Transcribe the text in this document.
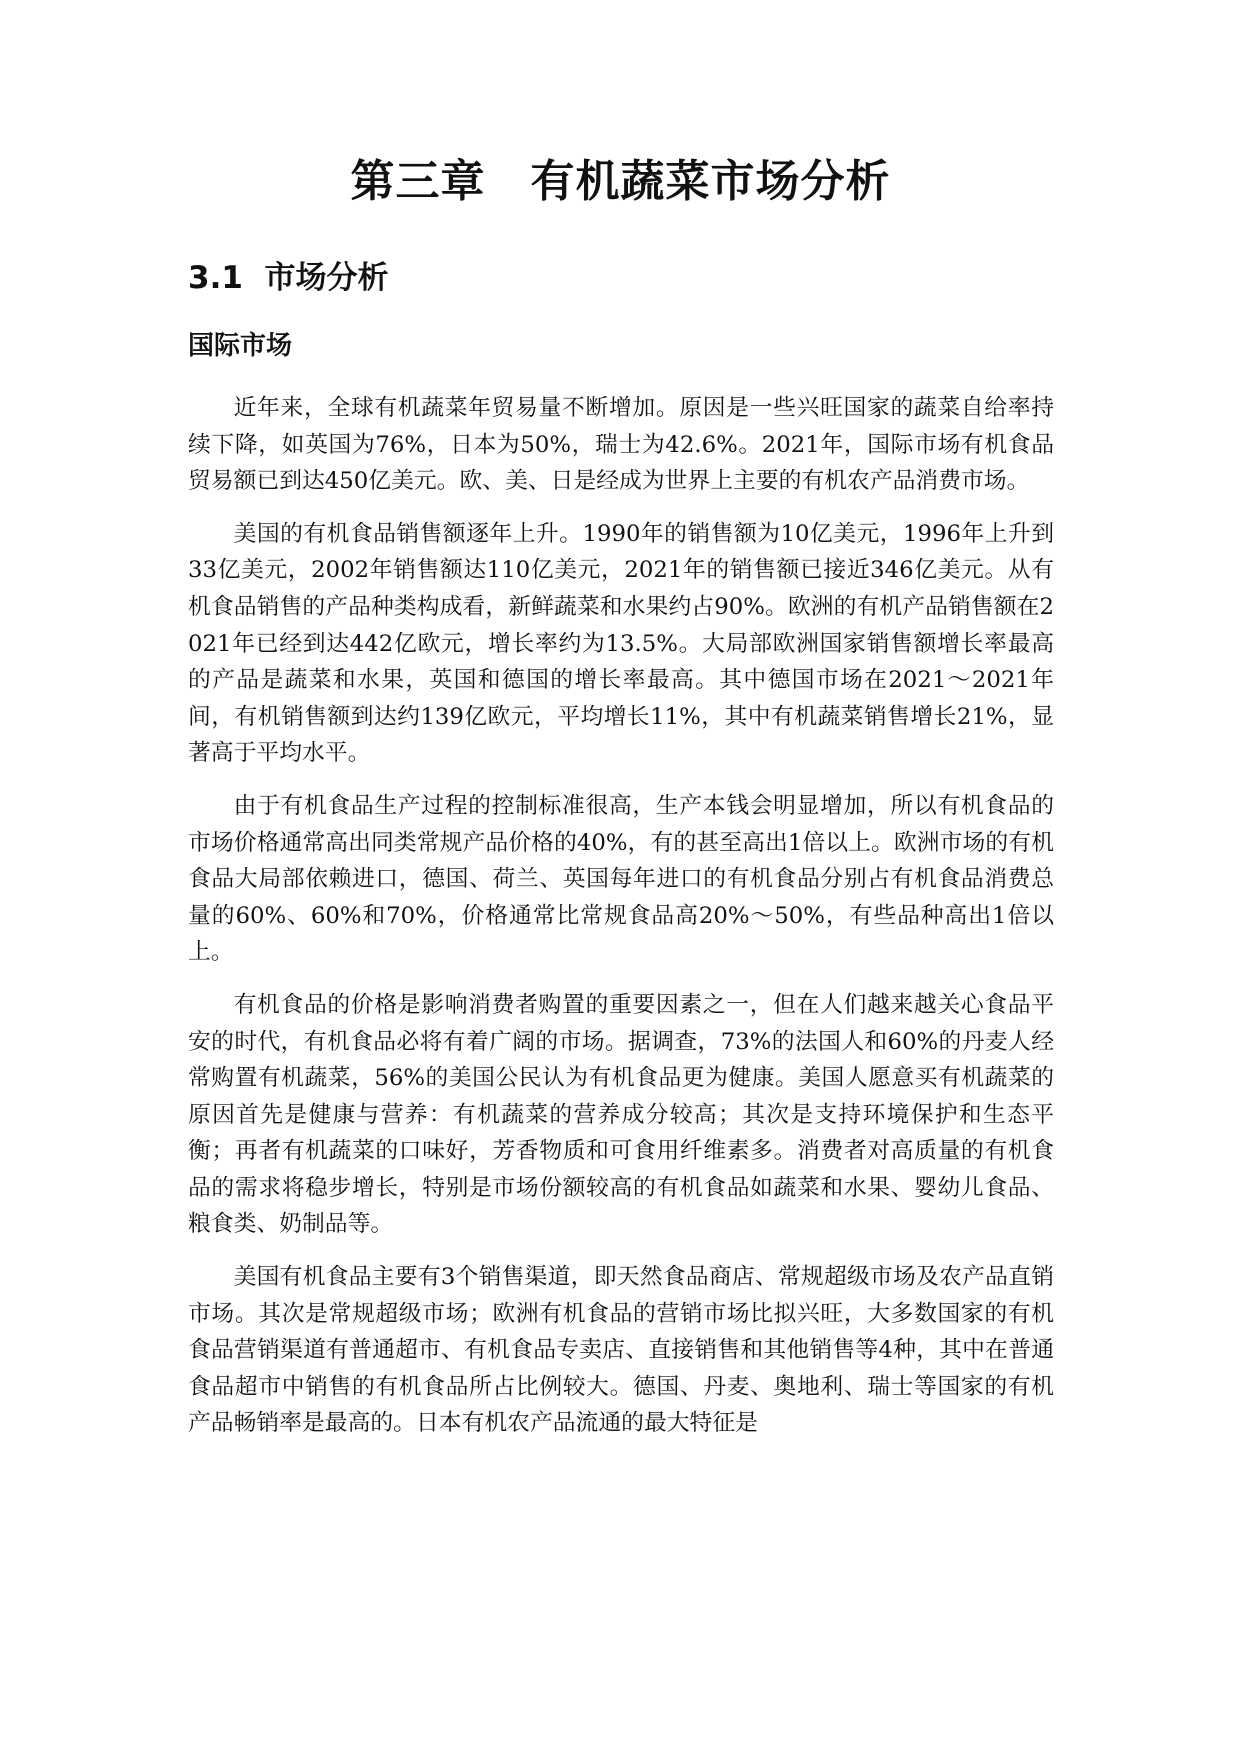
第三章　有机蔬菜市场分析
3.1  市场分析
国际市场

近年来，全球有机蔬菜年贸易量不断增加。原因是一些兴旺国家的蔬菜自给率持续下降，如英国为76%，日本为50%，瑞士为42.6%。2021年，国际市场有机食品贸易额已到达450亿美元。欧、美、日是经成为世界上主要的有机农产品消费市场。

美国的有机食品销售额逐年上升。1990年的销售额为10亿美元，1996年上升到33亿美元，2002年销售额达110亿美元，2021年的销售额已接近346亿美元。从有机食品销售的产品种类构成看，新鲜蔬菜和水果约占90%。欧洲的有机产品销售额在2021年已经到达442亿欧元，增长率约为13.5%。大局部欧洲国家销售额增长率最高的产品是蔬菜和水果，英国和德国的增长率最高。其中德国市场在2021～2021年间，有机销售额到达约139亿欧元，平均增长11%，其中有机蔬菜销售增长21%，显著高于平均水平。

由于有机食品生产过程的控制标准很高，生产本钱会明显增加，所以有机食品的市场价格通常高出同类常规产品价格的40%，有的甚至高出1倍以上。欧洲市场的有机食品大局部依赖进口，德国、荷兰、英国每年进口的有机食品分别占有机食品消费总量的60%、60%和70%，价格通常比常规食品高20%～50%，有些品种高出1倍以上。

有机食品的价格是影响消费者购置的重要因素之一，但在人们越来越关心食品平安的时代，有机食品必将有着广阔的市场。据调查，73%的法国人和60%的丹麦人经常购置有机蔬菜，56%的美国公民认为有机食品更为健康。美国人愿意买有机蔬菜的原因首先是健康与营养：有机蔬菜的营养成分较高；其次是支持环境保护和生态平衡；再者有机蔬菜的口味好，芳香物质和可食用纤维素多。消费者对高质量的有机食品的需求将稳步增长，特别是市场份额较高的有机食品如蔬菜和水果、婴幼儿食品、粮食类、奶制品等。

美国有机食品主要有3个销售渠道，即天然食品商店、常规超级市场及农产品直销市场。其次是常规超级市场；欧洲有机食品的营销市场比拟兴旺，大多数国家的有机食品营销渠道有普通超市、有机食品专卖店、直接销售和其他销售等4种，其中在普通食品超市中销售的有机食品所占比例较大。德国、丹麦、奥地利、瑞士等国家的有机产品畅销率是最高的。日本有机农产品流通的最大特征是
